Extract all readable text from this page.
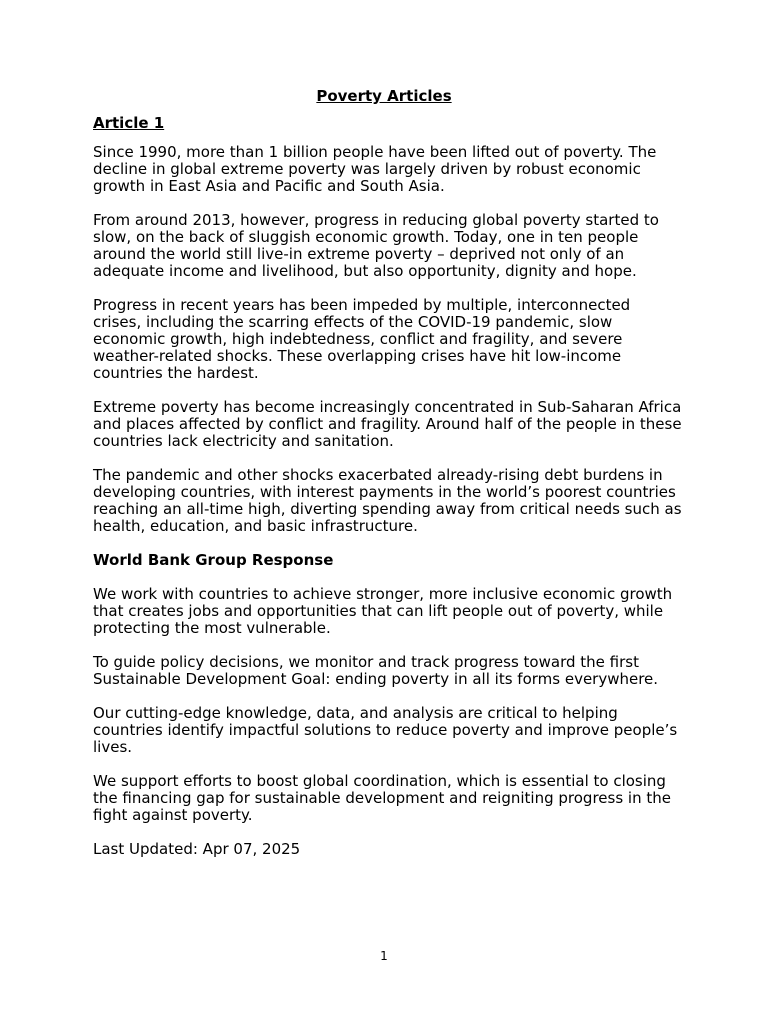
Poverty Articles
Article 1

Since 1990, more than 1 billion people have been lifted out of poverty. The decline in global extreme poverty was largely driven by robust economic growth in East Asia and Pacific and South Asia.

From around 2013, however, progress in reducing global poverty started to slow, on the back of sluggish economic growth. Today, one in ten people around the world still live-in extreme poverty – deprived not only of an adequate income and livelihood, but also opportunity, dignity and hope.

Progress in recent years has been impeded by multiple, interconnected crises, including the scarring effects of the COVID-19 pandemic, slow economic growth, high indebtedness, conflict and fragility, and severe weather-related shocks. These overlapping crises have hit low-income countries the hardest.

Extreme poverty has become increasingly concentrated in Sub-Saharan Africa and places affected by conflict and fragility. Around half of the people in these countries lack electricity and sanitation.

The pandemic and other shocks exacerbated already-rising debt burdens in developing countries, with interest payments in the world’s poorest countries reaching an all-time high, diverting spending away from critical needs such as health, education, and basic infrastructure.

World Bank Group Response

We work with countries to achieve stronger, more inclusive economic growth that creates jobs and opportunities that can lift people out of poverty, while protecting the most vulnerable.

To guide policy decisions, we monitor and track progress toward the first Sustainable Development Goal: ending poverty in all its forms everywhere.

Our cutting-edge knowledge, data, and analysis are critical to helping countries identify impactful solutions to reduce poverty and improve people’s lives.

We support efforts to boost global coordination, which is essential to closing the financing gap for sustainable development and reigniting progress in the fight against poverty.

Last Updated: Apr 07, 2025

1
